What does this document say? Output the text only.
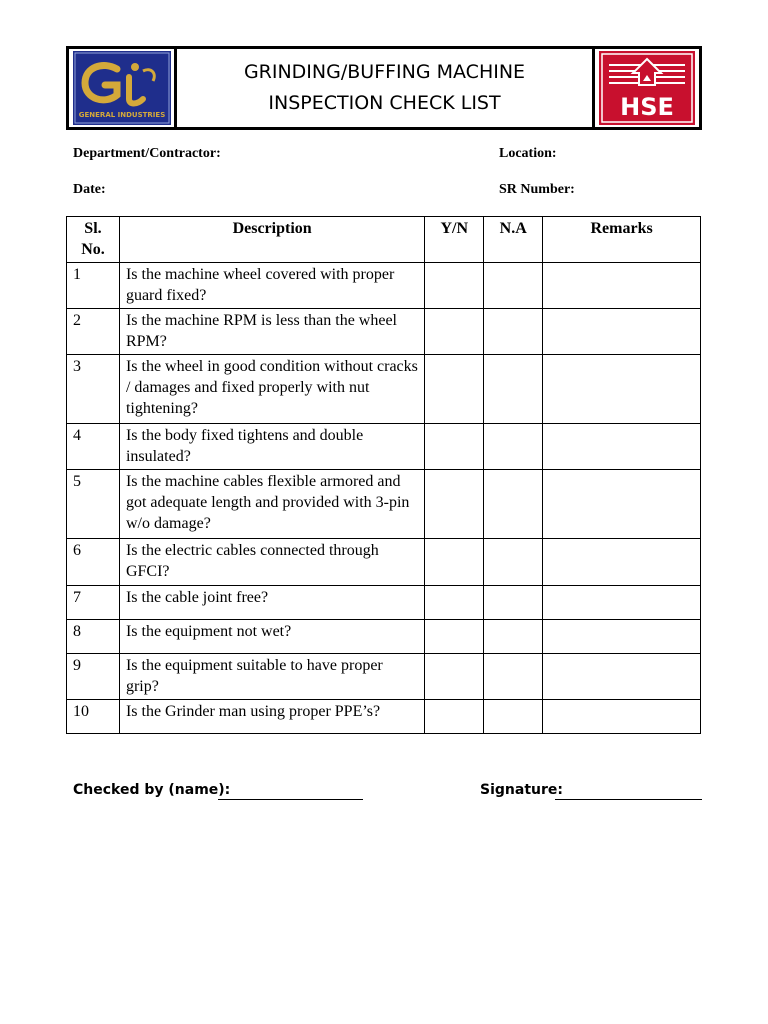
GENERAL INDUSTRIES
GRINDING/BUFFING MACHINE
INSPECTION CHECK LIST	HSE
Department/Contractor:	Location:
Date:	SR Number:
Sl. No.	Description	Y/N	N.A	Remarks
1	Is the machine wheel covered with proper guard fixed?			
2	Is the machine RPM is less than the wheel RPM?			
3	Is the wheel in good condition without cracks / damages and fixed properly with nut tightening?			
4	Is the body fixed tightens and double insulated?			
5	Is the machine cables flexible armored and got adequate length and provided with 3-pin w/o damage?			
6	Is the electric cables connected through GFCI?			
7	Is the cable joint free?			
8	Is the equipment not wet?			
9	Is the equipment suitable to have proper grip?			
10	Is the Grinder man using proper PPE’s?			
Checked by (name):	Signature:
